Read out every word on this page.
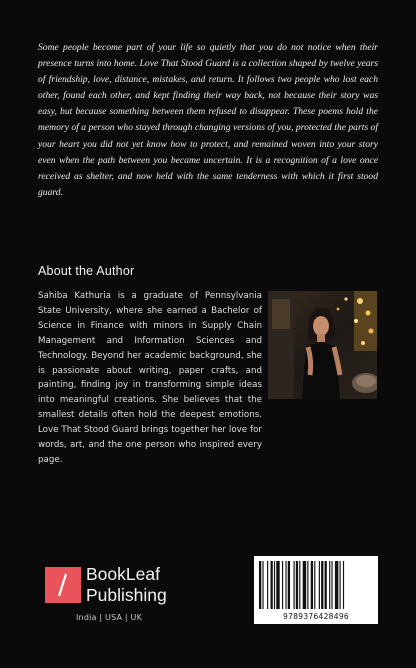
Some people become part of your life so quietly that you do not notice when their presence turns into home. Love That Stood Guard is a collection shaped by twelve years of friendship, love, distance, mistakes, and return. It follows two people who lost each other, found each other, and kept finding their way back, not because their story was easy, but because something between them refused to disappear. These poems hold the memory of a person who stayed through changing versions of you, protected the parts of your heart you did not yet know how to protect, and remained woven into your story even when the path between you became uncertain. It is a recognition of a love once received as shelter, and now held with the same tenderness with which it first stood guard.

About the Author

Sahiba Kathuria is a graduate of Pennsylvania State University, where she earned a Bachelor of Science in Finance with minors in Supply Chain Management and Information Sciences and Technology. Beyond her academic background, she is passionate about writing, paper crafts, and painting, finding joy in transforming simple ideas into meaningful creations. She believes that the smallest details often hold the deepest emotions. Love That Stood Guard brings together her love for words, art, and the one person who inspired every page.

BookLeaf
Publishing
India | USA | UK	9789376428496
